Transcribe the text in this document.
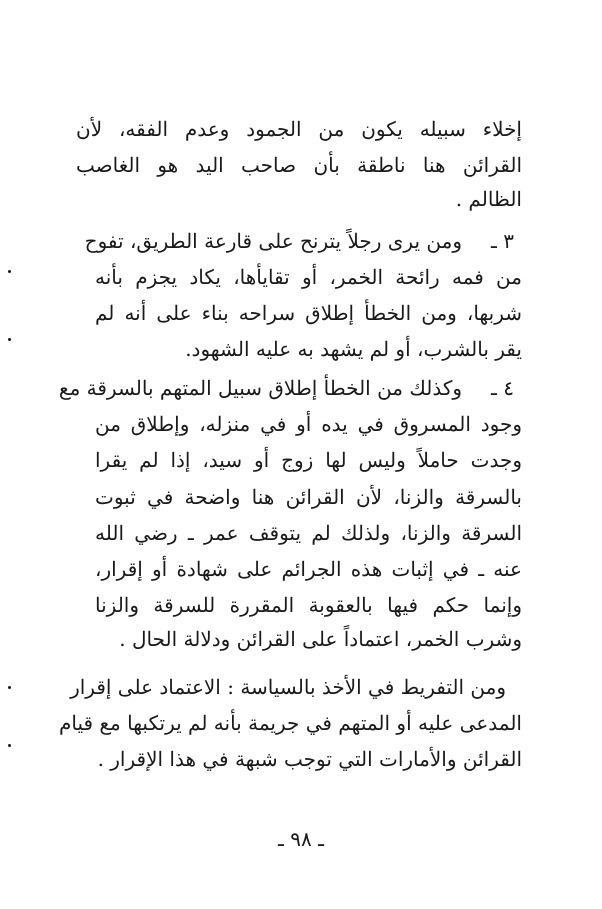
إخلاء سبيله يكون من الجمود وعدم الفقه، لأن
القرائن هنا ناطقة بأن صاحب اليد هو الغاصب
الظالم .
٣ ـ
ومن يرى رجلاً يترنح على قارعة الطريق، تفوح
من فمه رائحة الخمر، أو تقايأها، يكاد يجزم بأنه
شربها، ومن الخطأ إطلاق سراحه بناء على أنه لم
يقر بالشرب، أو لم يشهد به عليه الشهود.
٤ ـ
وكذلك من الخطأ إطلاق سبيل المتهم بالسرقة مع
وجود المسروق في يده أو في منزله، وإطلاق من
وجدت حاملاً وليس لها زوج أو سيد، إذا لم يقرا
بالسرقة والزنا، لأن القرائن هنا واضحة في ثبوت
السرقة والزنا، ولذلك لم يتوقف عمر ـ رضي الله
عنه ـ في إثبات هذه الجرائم على شهادة أو إقرار،
وإنما حكم فيها بالعقوبة المقررة للسرقة والزنا
وشرب الخمر، اعتماداً على القرائن ودلالة الحال .
ومن التفريط في الأخذ بالسياسة : الاعتماد على إقرار
المدعى عليه أو المتهم في جريمة بأنه لم يرتكبها مع قيام
القرائن والأمارات التي توجب شبهة في هذا الإقرار .
ـ ٩٨ ـ
